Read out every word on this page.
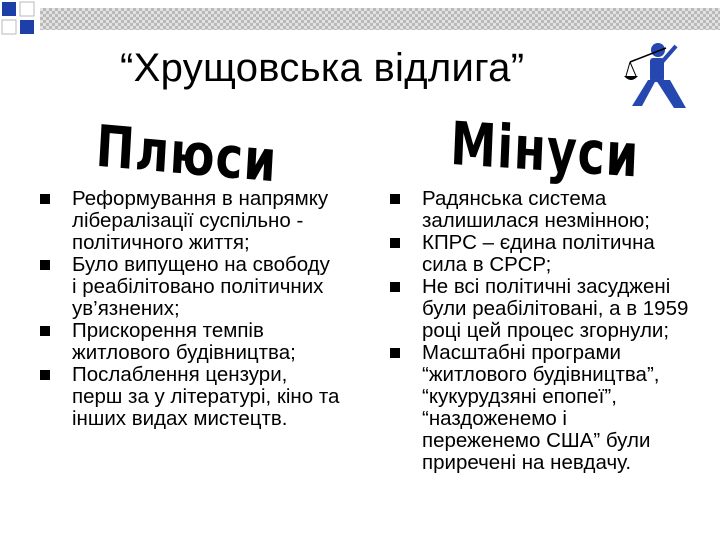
“Хрущовська відлига”
Плюси	Мінуси
Реформування в напрямку лібералізації суспільно - політичного життя;
Було випущено на свободу і реабілітовано політичних ув’язнених;
Прискорення темпів житлового будівництва;
Послаблення цензури, перш за у літературі, кіно та інших видах мистецтв.
Радянська система залишилася незмінною;
КПРС – єдина політична сила в СРСР;
Не всі політичні засуджені були реабілітовані, а в 1959 році цей процес згорнули;
Масштабні програми “житлового будівництва”, “кукурудзяні епопеї”, “наздоженемо і переженемо США” були приречені на невдачу.
